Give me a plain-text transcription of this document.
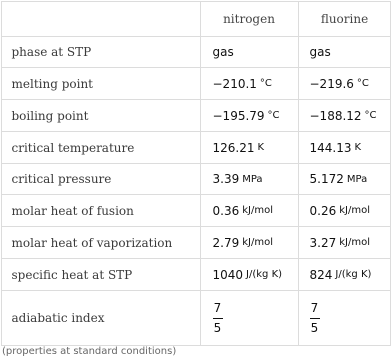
nitrogen	fluorine
phase at STP	gas	gas
melting point	−210.1 °C	−219.6 °C
boiling point	−195.79 °C −188.12 °C
critical temperature	126.21 K	144.13 K
critical pressure	3.39 MPa	5.172 MPa
molar heat of fusion	0.36 kJ/mol	0.26 kJ/mol
molar heat of vaporization	2.79 kJ/mol	3.27 kJ/mol
specific heat at STP	1040 J/(kg K) 824 J/(kg K)
adiabatic index	$\frac{7}{5}$	$\frac{7}{5}$
(properties at standard conditions)
